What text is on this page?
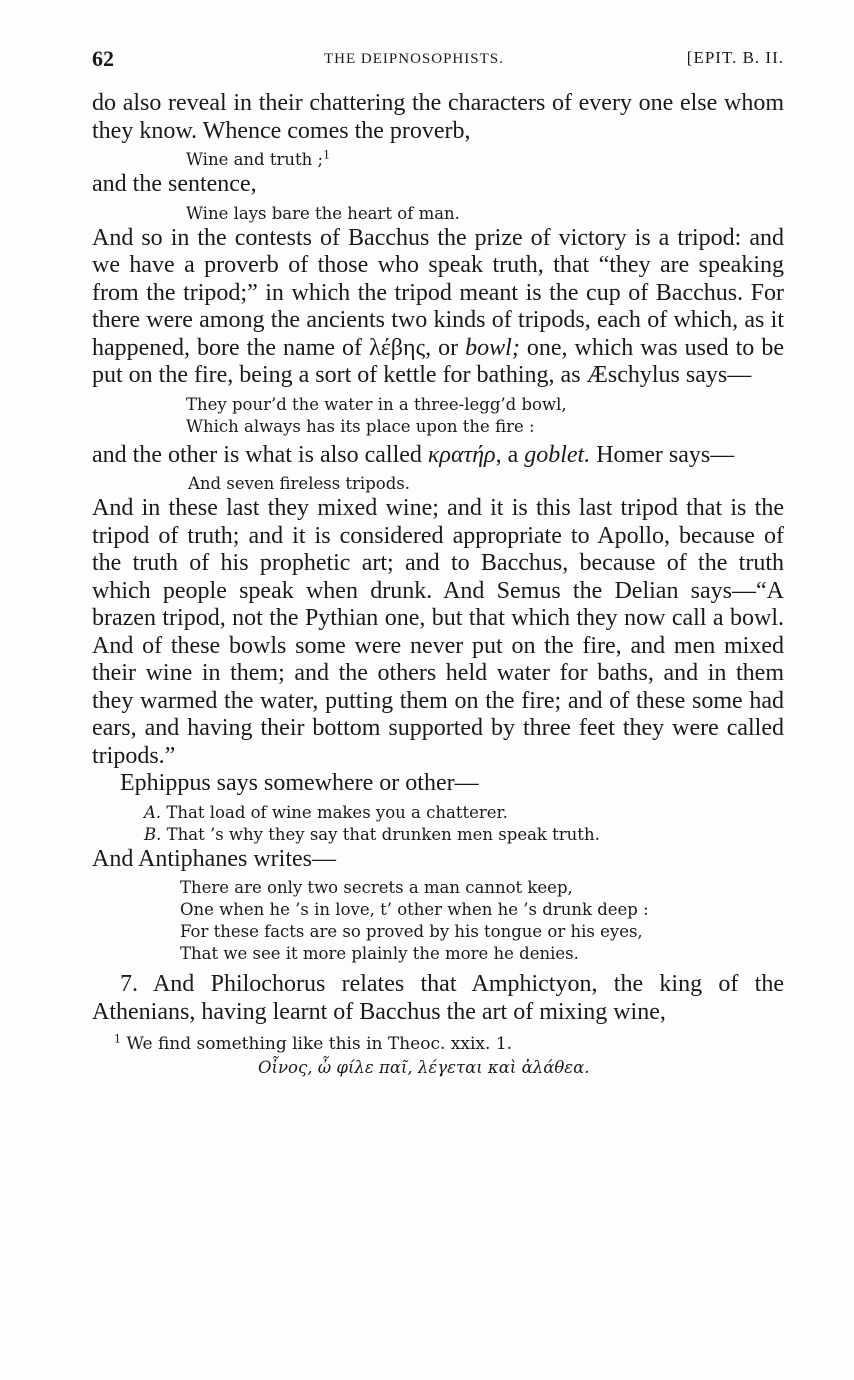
62	THE DEIPNOSOPHISTS.	[EPIT. B. II.

do also reveal in their chattering the characters of every one else whom they know. Whence comes the proverb,

Wine and truth ;$^1$

and the sentence,

Wine lays bare the heart of man.

And so in the contests of Bacchus the prize of victory is a tripod: and we have a proverb of those who speak truth, that “they are speaking from the tripod;” in which the tripod meant is the cup of Bacchus. For there were among the ancients two kinds of tripods, each of which, as it happened, bore the name of λέβης, or bowl; one, which was used to be put on the fire, being a sort of kettle for bathing, as Æschylus says—

They pour’d the water in a three-legg’d bowl,
Which always has its place upon the fire :

and the other is what is also called κρατήρ, a goblet. Homer says—

And seven fireless tripods.

And in these last they mixed wine; and it is this last tripod that is the tripod of truth; and it is considered appropriate to Apollo, because of the truth of his prophetic art; and to Bacchus, because of the truth which people speak when drunk. And Semus the Delian says—“A brazen tripod, not the Pythian one, but that which they now call a bowl. And of these bowls some were never put on the fire, and men mixed their wine in them; and the others held water for baths, and in them they warmed the water, putting them on the fire; and of these some had ears, and having their bottom supported by three feet they were called tripods.”

Ephippus says somewhere or other—

A. That load of wine makes you a chatterer.
B. That ’s why they say that drunken men speak truth.

And Antiphanes writes—

There are only two secrets a man cannot keep,
One when he ’s in love, t’ other when he ’s drunk deep :
For these facts are so proved by his tongue or his eyes,
That we see it more plainly the more he denies.

7. And Philochorus relates that Amphictyon, the king of the Athenians, having learnt of Bacchus the art of mixing wine,

$^1$ We find something like this in Theoc. xxix. 1.

Οἶνος, ὦ φίλε παῖ, λέγεται καὶ ἀλάθεα.
